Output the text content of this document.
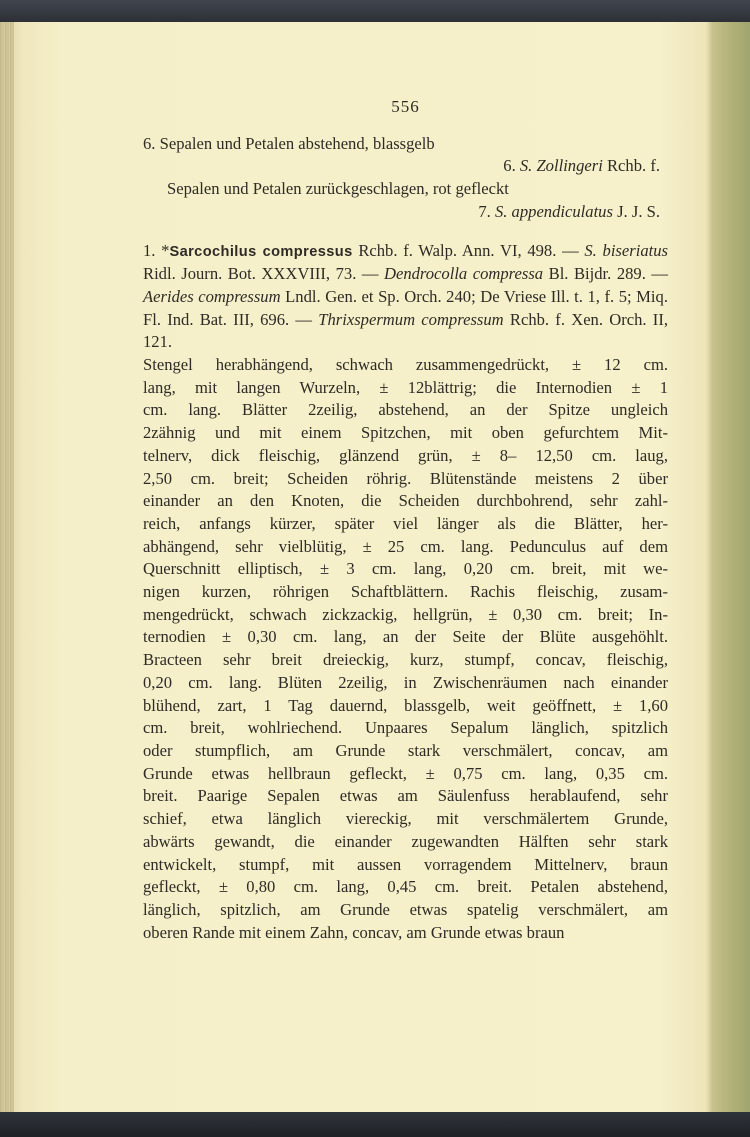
556
6. Sepalen und Petalen abstehend, blassgelb
6. S. Zollingeri Rchb. f.
Sepalen und Petalen zurückgeschlagen, rot gefleckt
7. S. appendiculatus J. J. S.
1. *Sarcochilus compressus Rchb. f. Walp. Ann. VI, 498. — S. biseriatus Ridl. Journ. Bot. XXXVIII, 73. — Dendrocolla compressa Bl. Bijdr. 289. — Aerides compressum Lndl. Gen. et Sp. Orch. 240; De Vriese Ill. t. 1, f. 5; Miq. Fl. Ind. Bat. III, 696. — Thrixspermum compressum Rchb. f. Xen. Orch. II, 121.
Stengel herabhängend, schwach zusammengedrückt, ± 12 cm.
lang, mit langen Wurzeln, ± 12blättrig; die Internodien ± 1
cm. lang. Blätter 2zeilig, abstehend, an der Spitze ungleich
2zähnig und mit einem Spitzchen, mit oben gefurchtem Mit-
telnerv, dick fleischig, glänzend grün, ± 8– 12,50 cm. laug,
2,50 cm. breit; Scheiden röhrig. Blütenstände meistens 2 über
einander an den Knoten, die Scheiden durchbohrend, sehr zahl-
reich, anfangs kürzer, später viel länger als die Blätter, her-
abhängend, sehr vielblütig, ± 25 cm. lang. Pedunculus auf dem
Querschnitt elliptisch, ± 3 cm. lang, 0,20 cm. breit, mit we-
nigen kurzen, röhrigen Schaftblättern. Rachis fleischig, zusam-
mengedrückt, schwach zickzackig, hellgrün, ± 0,30 cm. breit; In-
ternodien ± 0,30 cm. lang, an der Seite der Blüte ausgehöhlt.
Bracteen sehr breit dreieckig, kurz, stumpf, concav, fleischig,
0,20 cm. lang. Blüten 2zeilig, in Zwischenräumen nach einander
blühend, zart, 1 Tag dauernd, blassgelb, weit geöffnett, ± 1,60
cm. breit, wohlriechend. Unpaares Sepalum länglich, spitzlich
oder stumpflich, am Grunde stark verschmälert, concav, am
Grunde etwas hellbraun gefleckt, ± 0,75 cm. lang, 0,35 cm.
breit. Paarige Sepalen etwas am Säulenfuss herablaufend, sehr
schief, etwa länglich viereckig, mit verschmälertem Grunde,
abwärts gewandt, die einander zugewandten Hälften sehr stark
entwickelt, stumpf, mit aussen vorragendem Mittelnerv, braun
gefleckt, ± 0,80 cm. lang, 0,45 cm. breit. Petalen abstehend,
länglich, spitzlich, am Grunde etwas spatelig verschmälert, am
oberen Rande mit einem Zahn, concav, am Grunde etwas braun
